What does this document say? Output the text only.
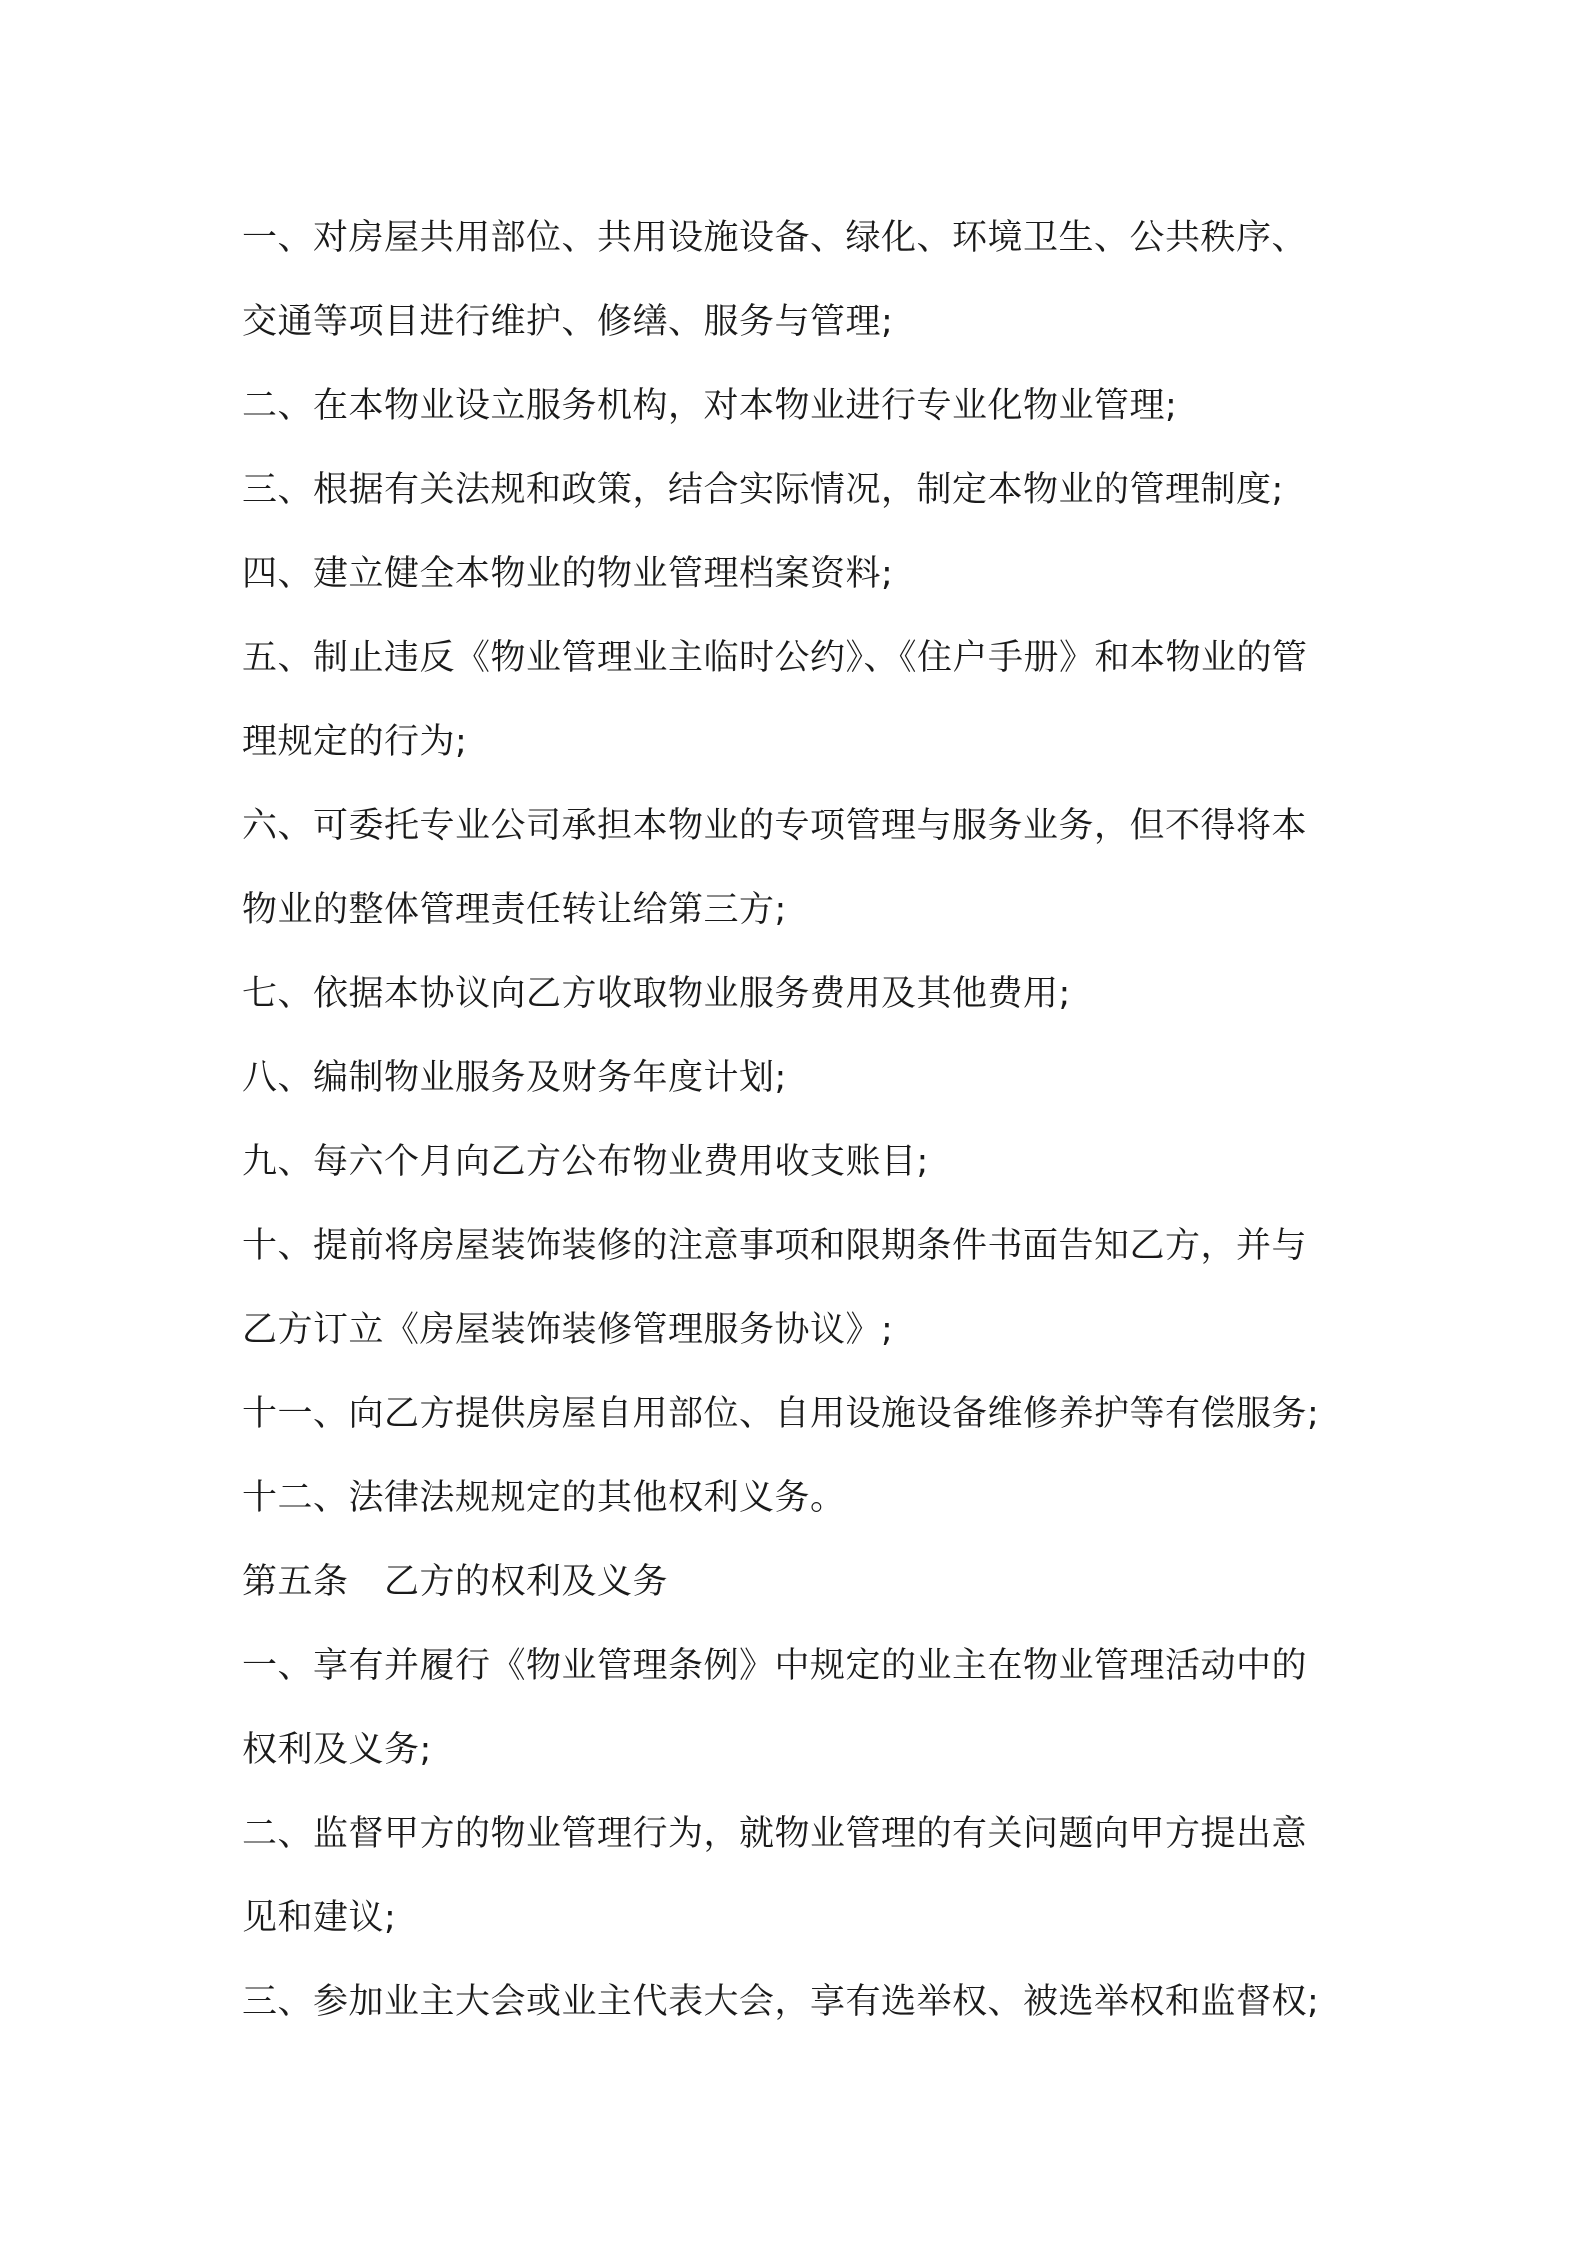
一、对房屋共用部位、共用设施设备、绿化、环境卫生、公共秩序、

交通等项目进行维护、修缮、服务与管理;

二、在本物业设立服务机构，对本物业进行专业化物业管理;

三、根据有关法规和政策，结合实际情况，制定本物业的管理制度;

四、建立健全本物业的物业管理档案资料;

五、制止违反《物业管理业主临时公约》、《住户手册》和本物业的管

理规定的行为;

六、可委托专业公司承担本物业的专项管理与服务业务，但不得将本

物业的整体管理责任转让给第三方;

七、依据本协议向乙方收取物业服务费用及其他费用;

八、编制物业服务及财务年度计划;

九、每六个月向乙方公布物业费用收支账目;

十、提前将房屋装饰装修的注意事项和限期条件书面告知乙方，并与

乙方订立《房屋装饰装修管理服务协议》;

十一、向乙方提供房屋自用部位、自用设施设备维修养护等有偿服务;

十二、法律法规规定的其他权利义务。

第五条　乙方的权利及义务

一、享有并履行《物业管理条例》中规定的业主在物业管理活动中的

权利及义务;

二、监督甲方的物业管理行为，就物业管理的有关问题向甲方提出意

见和建议;

三、参加业主大会或业主代表大会，享有选举权、被选举权和监督权;
